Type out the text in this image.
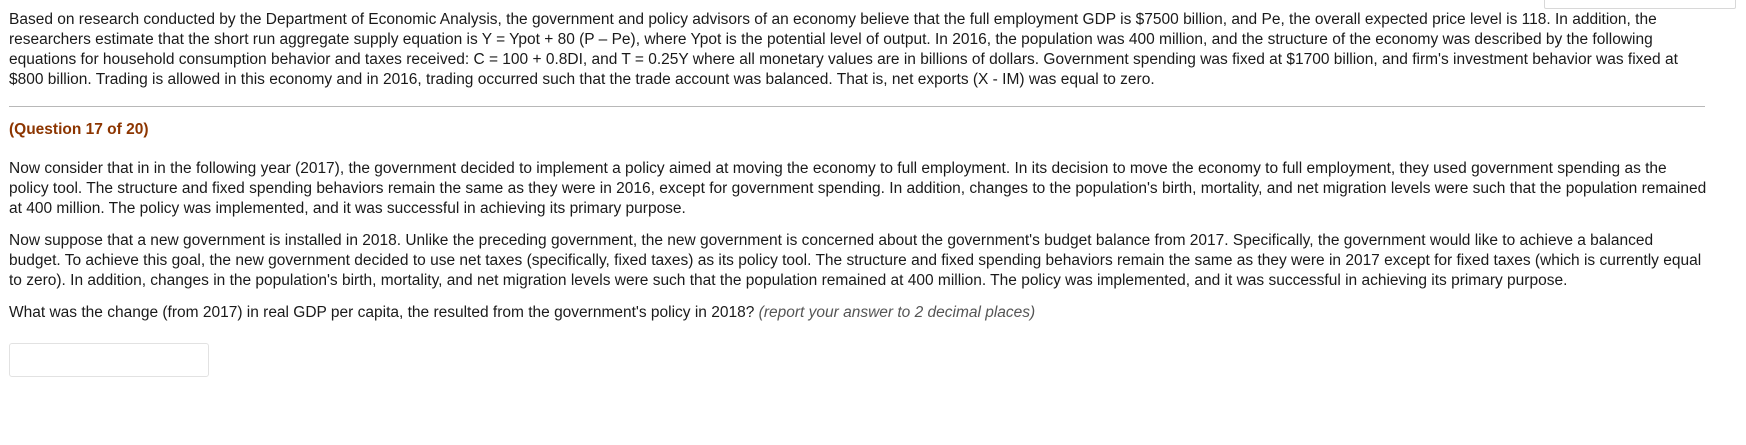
Based on research conducted by the Department of Economic Analysis, the government and policy advisors of an economy believe that the full employment GDP is $7500 billion, and Pe, the overall expected price level is 118. In addition, the researchers estimate that the short run aggregate supply equation is Y = Ypot + 80 (P – Pe), where Ypot is the potential level of output. In 2016, the population was 400 million, and the structure of the economy was described by the following equations for household consumption behavior and taxes received: C = 100 + 0.8DI, and T = 0.25Y where all monetary values are in billions of dollars. Government spending was fixed at $1700 billion, and firm's investment behavior was fixed at $800 billion. Trading is allowed in this economy and in 2016, trading occurred such that the trade account was balanced. That is, net exports (X - IM) was equal to zero.

(Question 17 of 20)

Now consider that in in the following year (2017), the government decided to implement a policy aimed at moving the economy to full employment. In its decision to move the economy to full employment, they used government spending as the policy tool. The structure and fixed spending behaviors remain the same as they were in 2016, except for government spending. In addition, changes to the population's birth, mortality, and net migration levels were such that the population remained at 400 million. The policy was implemented, and it was successful in achieving its primary purpose.

Now suppose that a new government is installed in 2018. Unlike the preceding government, the new government is concerned about the government's budget balance from 2017. Specifically, the government would like to achieve a balanced budget. To achieve this goal, the new government decided to use net taxes (specifically, fixed taxes) as its policy tool. The structure and fixed spending behaviors remain the same as they were in 2017 except for fixed taxes (which is currently equal to zero). In addition, changes in the population's birth, mortality, and net migration levels were such that the population remained at 400 million. The policy was implemented, and it was successful in achieving its primary purpose.

What was the change (from 2017) in real GDP per capita, the resulted from the government's policy in 2018? (report your answer to 2 decimal places)
